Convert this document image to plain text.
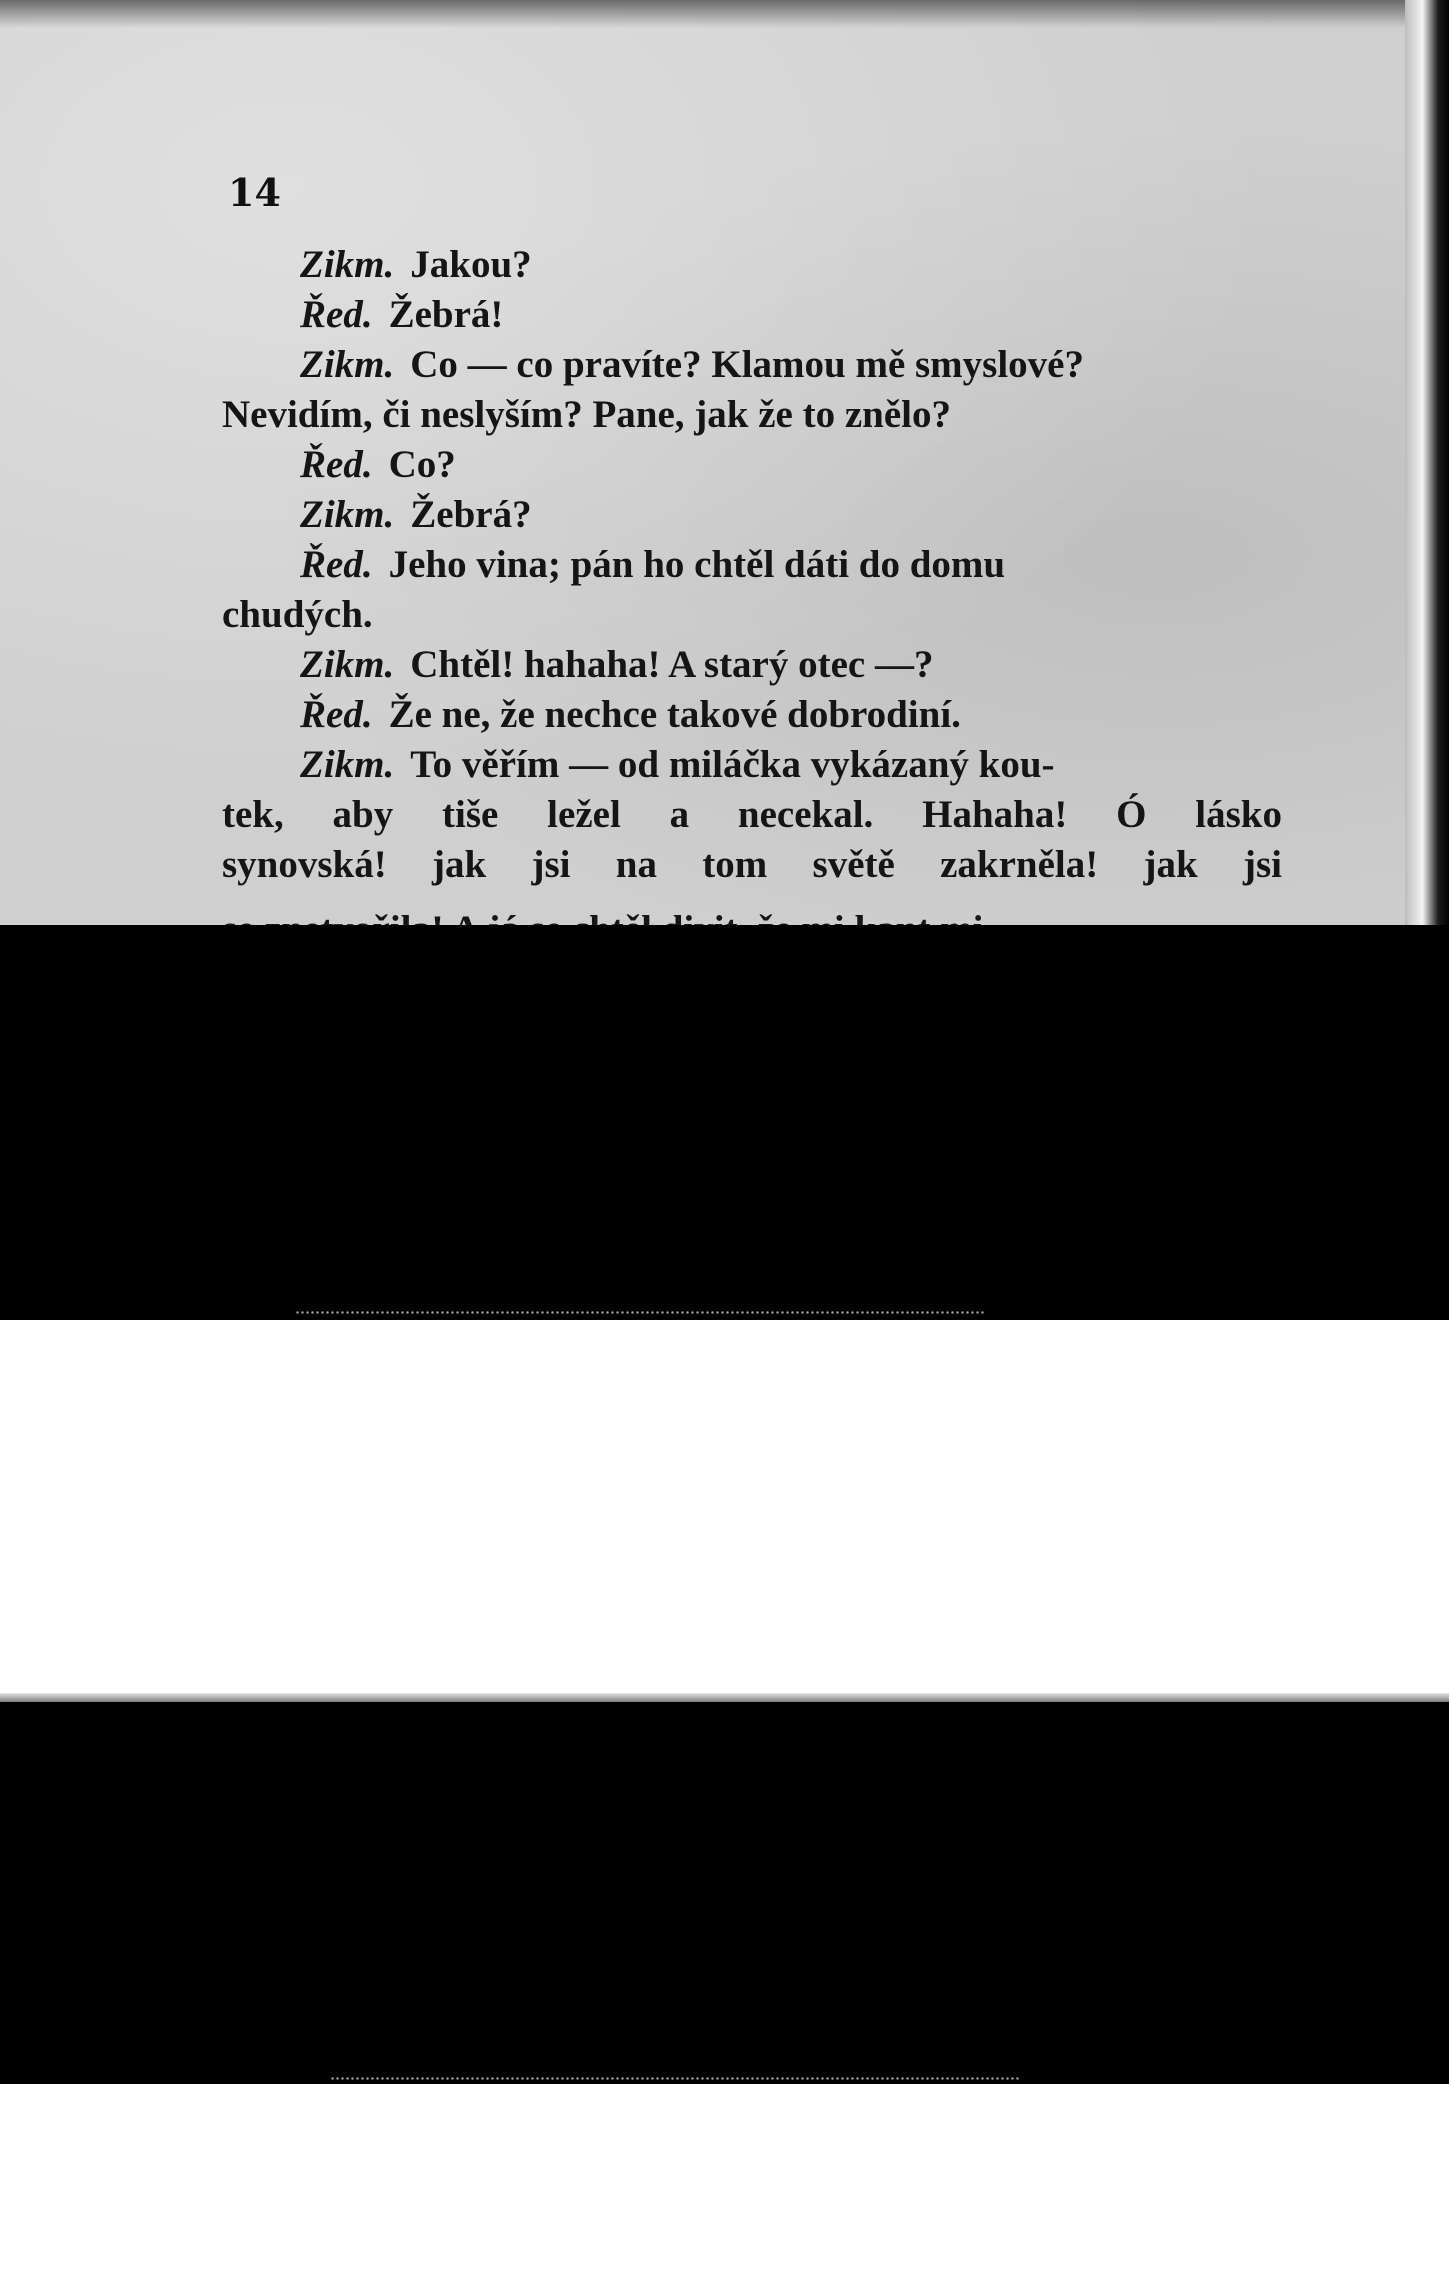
14
Zikm. Jakou?
Řed. Žebrá!
Zikm. Co — co pravíte? Klamou mě smyslové?
Nevidím, či neslyším? Pane, jak že to znělo?
Řed. Co?
Zikm. Žebrá?
Řed. Jeho vina; pán ho chtěl dáti do domu
chudých.
Zikm. Chtěl! hahaha! A starý otec —?
Řed. Že ne, že nechce takové dobrodiní.
Zikm. To věřím — od miláčka vykázaný kou-
tek, aby tiše ležel a necekal. Hahaha! Ó lásko
synovská! jak jsi na tom světě zakrněla! jak jsi
